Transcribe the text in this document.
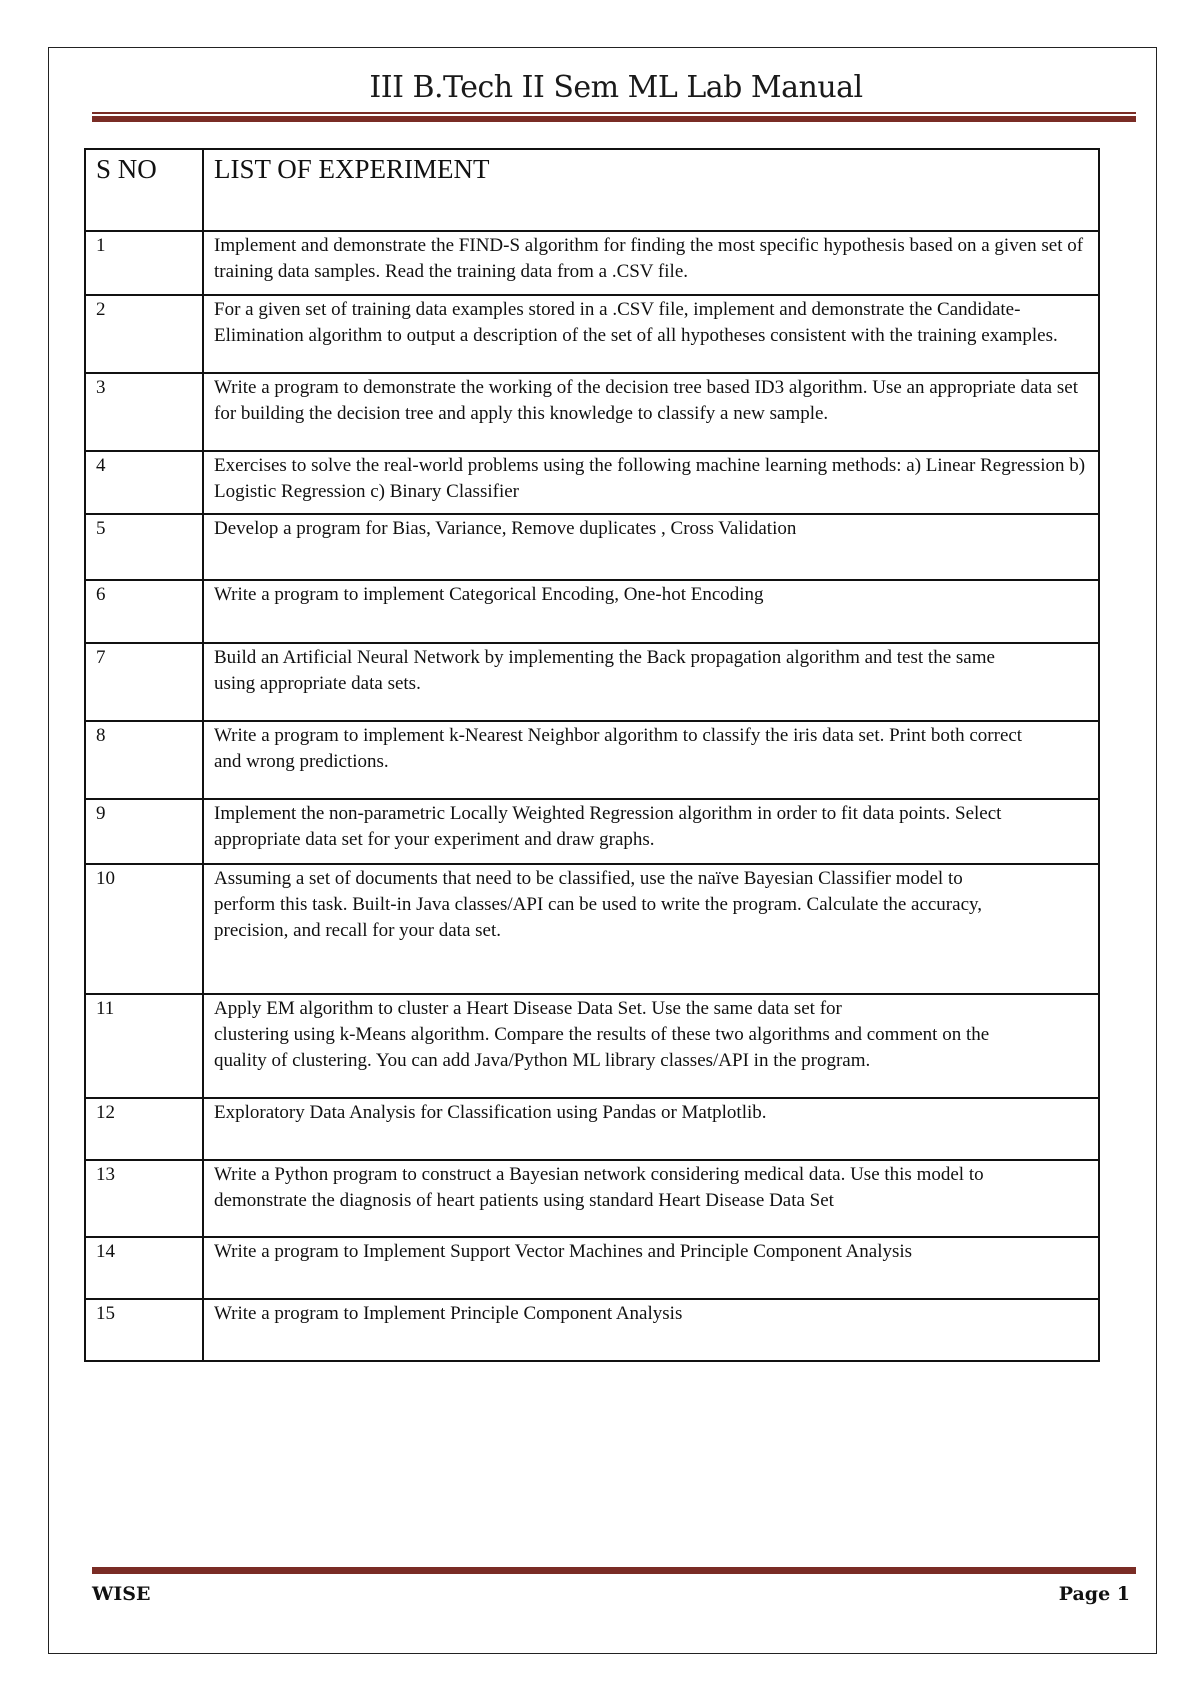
III B.Tech II Sem ML Lab Manual
S NO	LIST OF EXPERIMENT
1	Implement and demonstrate the FIND-S algorithm for finding the most specific hypothesis based on a given set of training data samples. Read the training data from a .CSV file.
2	For a given set of training data examples stored in a .CSV file, implement and demonstrate the Candidate- Elimination algorithm to output a description of the set of all hypotheses consistent with the training examples.
3	Write a program to demonstrate the working of the decision tree based ID3 algorithm. Use an appropriate data set for building the decision tree and apply this knowledge to classify a new sample.
4	Exercises to solve the real-world problems using the following machine learning methods: a) Linear Regression b) Logistic Regression c) Binary Classifier
5	Develop a program for Bias, Variance, Remove duplicates , Cross Validation
6	Write a program to implement Categorical Encoding, One-hot Encoding
7	Build an Artificial Neural Network by implementing the Back propagation algorithm and test the same
using appropriate data sets.
8	Write a program to implement k-Nearest Neighbor algorithm to classify the iris data set. Print both correct
and wrong predictions.
9	Implement the non-parametric Locally Weighted Regression algorithm in order to fit data points. Select appropriate data set for your experiment and draw graphs.
10	Assuming a set of documents that need to be classified, use the naïve Bayesian Classifier model to
perform this task. Built-in Java classes/API can be used to write the program. Calculate the accuracy,
precision, and recall for your data set.
11	Apply EM algorithm to cluster a Heart Disease Data Set. Use the same data set for
clustering using k-Means algorithm. Compare the results of these two algorithms and comment on the
quality of clustering. You can add Java/Python ML library classes/API in the program.
12	Exploratory Data Analysis for Classification using Pandas or Matplotlib.
13	Write a Python program to construct a Bayesian network considering medical data. Use this model to
demonstrate the diagnosis of heart patients using standard Heart Disease Data Set
14	Write a program to Implement Support Vector Machines and Principle Component Analysis
15	Write a program to Implement Principle Component Analysis
WISE	Page 1
